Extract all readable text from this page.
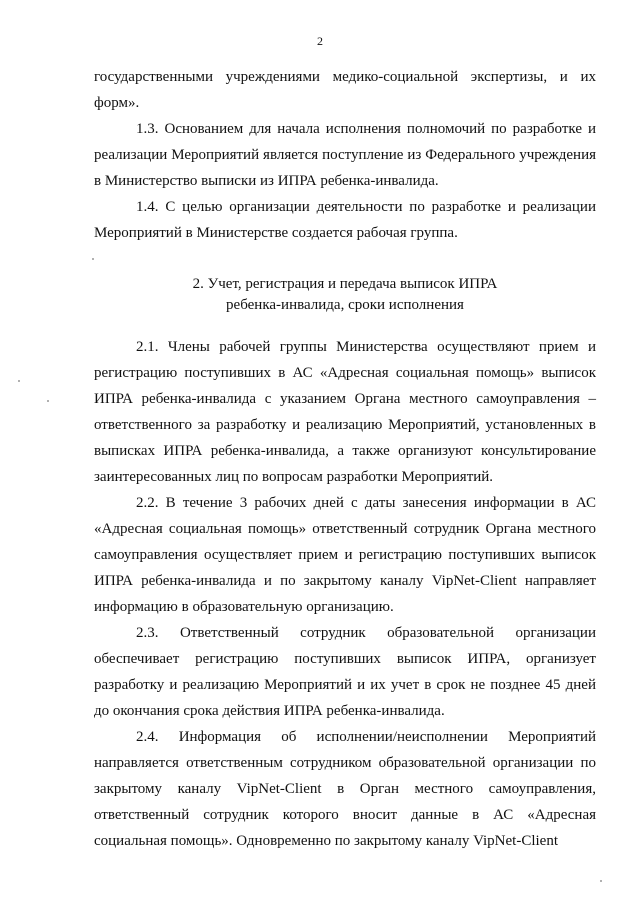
2

государственными учреждениями медико-социальной экспертизы, и их форм».

1.3. Основанием для начала исполнения полномочий по разработке и реализации Мероприятий является поступление из Федерального учреждения в Министерство выписки из ИПРА ребенка-инвалида.

1.4. С целью организации деятельности по разработке и реализации Мероприятий в Министерстве создается рабочая группа.

2. Учет, регистрация и передача выписок ИПРА
ребенка-инвалида, сроки исполнения

2.1. Члены рабочей группы Министерства осуществляют прием и регистрацию поступивших в АС «Адресная социальная помощь» выписок ИПРА ребенка-инвалида с указанием Органа местного самоуправления – ответственного за разработку и реализацию Мероприятий, установленных в выписках ИПРА ребенка-инвалида, а также организуют консультирование заинтересованных лиц по вопросам разработки Мероприятий.

2.2. В течение 3 рабочих дней с даты занесения информации в АС «Адресная социальная помощь» ответственный сотрудник Органа местного самоуправления осуществляет прием и регистрацию поступивших выписок ИПРА ребенка-инвалида и по закрытому каналу VipNet-Client направляет информацию в образовательную организацию.

2.3. Ответственный сотрудник образовательной организации обеспечивает регистрацию поступивших выписок ИПРА, организует разработку и реализацию Мероприятий и их учет в срок не позднее 45 дней до окончания срока действия ИПРА ребенка-инвалида.

2.4. Информация об исполнении/неисполнении Мероприятий направляется ответственным сотрудником образовательной организации по закрытому каналу VipNet-Client в Орган местного самоуправления, ответственный сотрудник которого вносит данные в АС «Адресная социальная помощь». Одновременно по закрытому каналу VipNet-Client
